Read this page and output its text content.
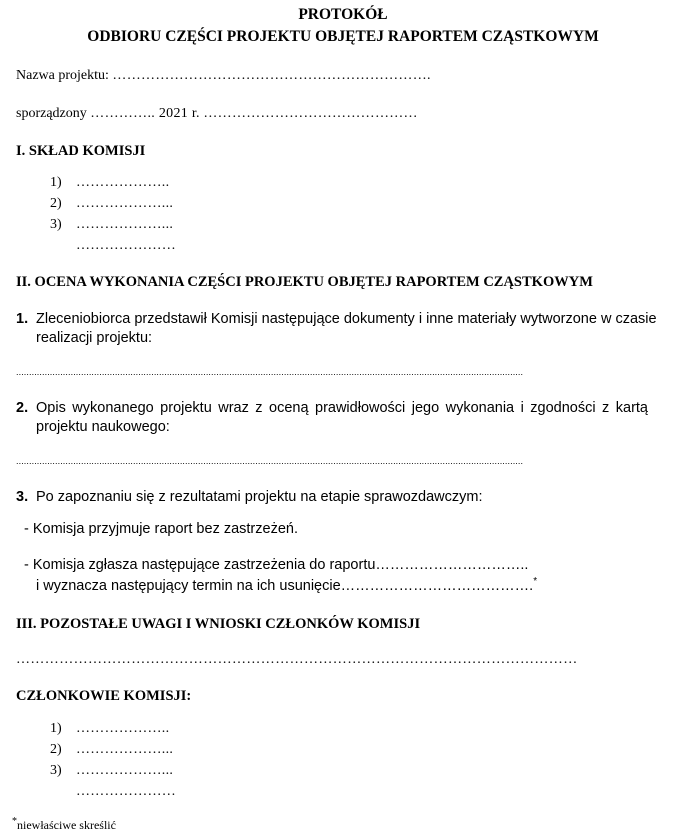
PROTOKÓŁ
ODBIORU CZĘŚCI PROJEKTU OBJĘTEJ RAPORTEM CZĄSTKOWYM
Nazwa projektu: ………………………………………………………….
sporządzony ………….. 2021 r. ………………………………………
I. SKŁAD KOMISJI
1) ………………..
2) ………………...
3) ………………...
…………………
II. OCENA WYKONANIA CZĘŚCI PROJEKTU OBJĘTEJ RAPORTEM CZĄSTKOWYM
1. Zleceniobiorca przedstawił Komisji następujące dokumenty i inne materiały wytworzone w czasie
realizacji projektu:
...................................................................................................................................................................................................
2. Opis wykonanego projektu wraz z oceną prawidłowości jego wykonania i zgodności z kartą
projektu naukowego:
...................................................................................................................................................................................................
3. Po zapoznaniu się z rezultatami projektu na etapie sprawozdawczym:
- Komisja przyjmuje raport bez zastrzeżeń.
- Komisja zgłasza następujące zastrzeżenia do raportu…………………………..
i wyznacza następujący termin na ich usunięcie………………………………….*
III. POZOSTAŁE UWAGI I WNIOSKI CZŁONKÓW KOMISJI
………………………………………………………………………………………………………
CZŁONKOWIE KOMISJI:
1) ………………..
2) ………………...
3) ………………...
…………………
*niewłaściwe skreślić
